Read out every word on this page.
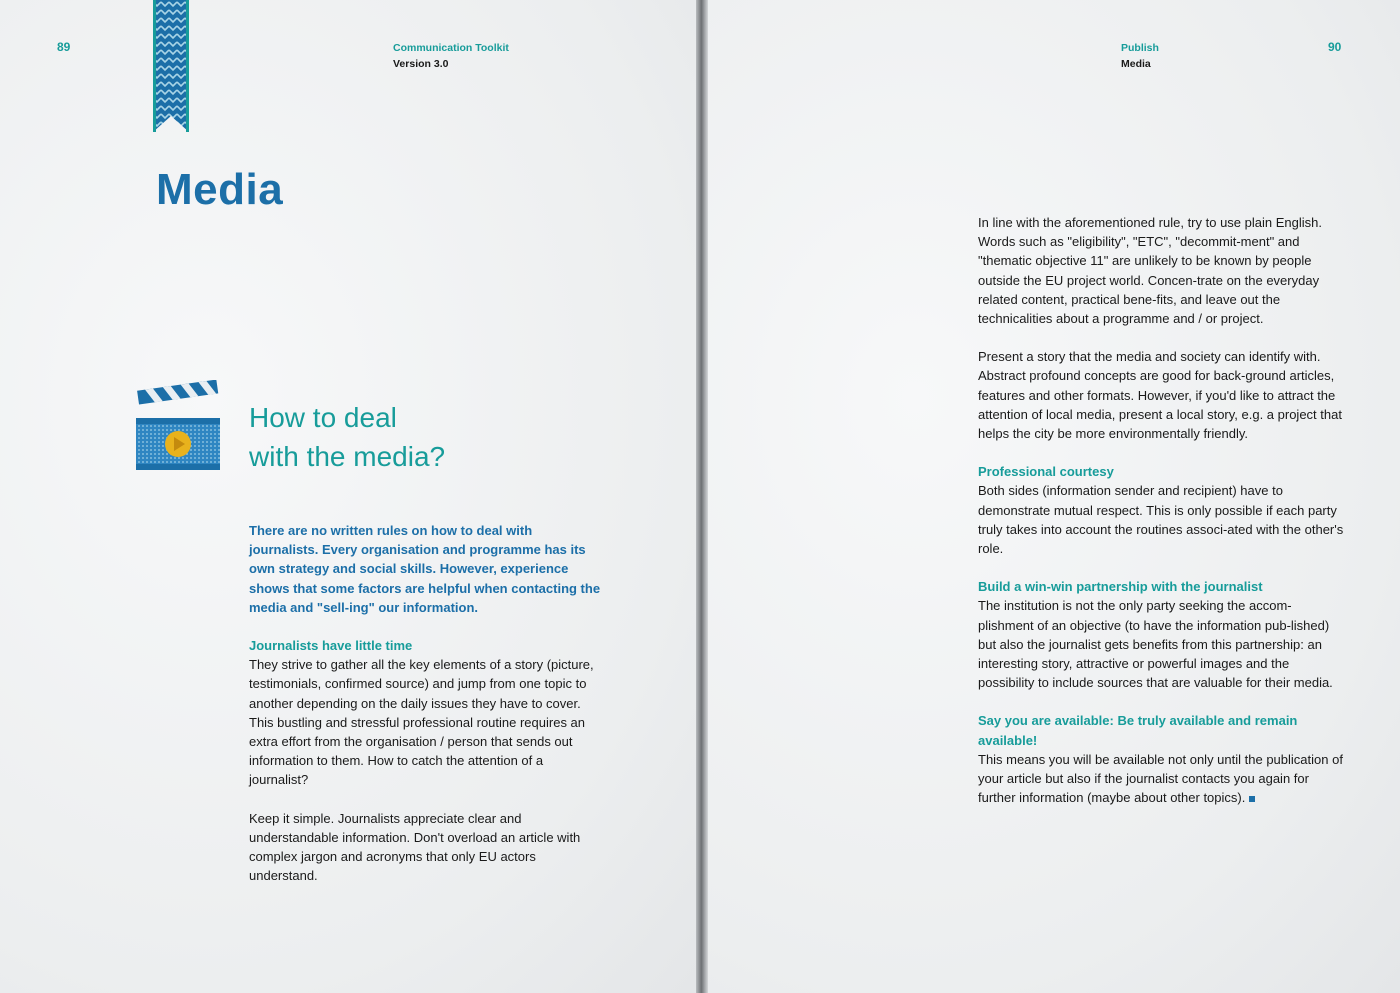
89	Communication Toolkit
Version 3.0
Media
How to deal
with the media?

There are no written rules on how to deal with journalists. Every organisation and programme has its own strategy and social skills. However, experience shows that some factors are helpful when contacting the media and "sell-ing" our information.

Journalists have little time
They strive to gather all the key elements of a story (picture, testimonials, confirmed source) and jump from one topic to another depending on the daily issues they have to cover. This bustling and stressful professional routine requires an extra effort from the organisation / person that sends out information to them. How to catch the attention of a journalist?

Keep it simple. Journalists appreciate clear and understandable information. Don't overload an article with complex jargon and acronyms that only EU actors understand.

Publish
Media
90

In line with the aforementioned rule, try to use plain English. Words such as "eligibility", "ETC", "decommit-ment" and "thematic objective 11" are unlikely to be known by people outside the EU project world. Concen-trate on the everyday related content, practical bene-fits, and leave out the technicalities about a programme and / or project.

Present a story that the media and society can identify with. Abstract profound concepts are good for back-ground articles, features and other formats. However, if you'd like to attract the attention of local media, present a local story, e.g. a project that helps the city be more environmentally friendly.

Professional courtesy
Both sides (information sender and recipient) have to demonstrate mutual respect. This is only possible if each party truly takes into account the routines associ-ated with the other's role.

Build a win-win partnership with the journalist
The institution is not the only party seeking the accom-plishment of an objective (to have the information pub-lished) but also the journalist gets benefits from this partnership: an interesting story, attractive or powerful images and the possibility to include sources that are valuable for their media.

Say you are available: Be truly available and remain available!
This means you will be available not only until the publication of your article but also if the journalist contacts you again for further information (maybe about other topics).
